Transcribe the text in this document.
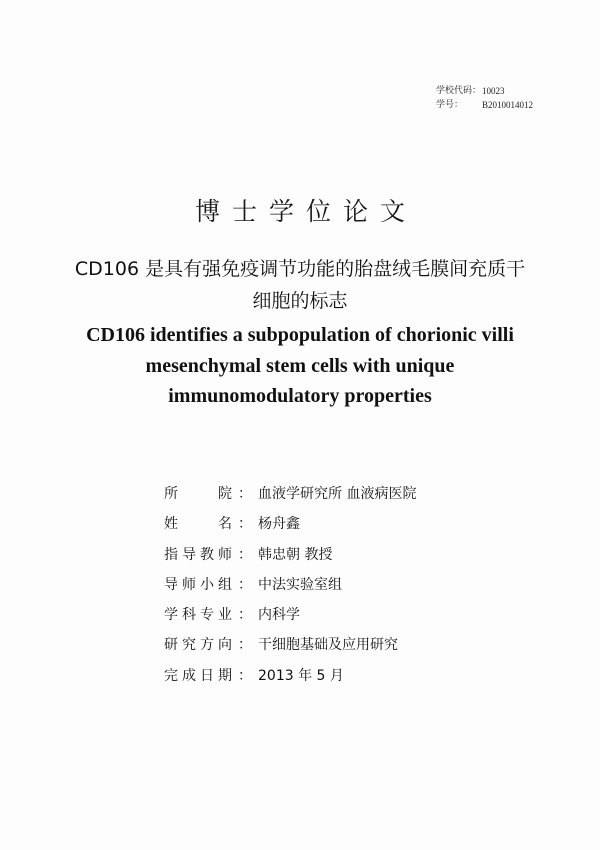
学校代码： 10023
学号：	B2010014012
博士学位论文
CD106 是具有强免疫调节功能的胎盘绒毛膜间充质干
细胞的标志
CD106 identifies a subpopulation of chorionic villi
mesenchymal stem cells with unique
immunomodulatory properties
所	院 ： 血液学研究所 血液病医院
姓	名 ： 杨舟鑫
指 导 教 师 ： 韩忠朝 教授
导 师 小 组 ： 中法实验室组
学 科 专 业 ： 内科学
研 究 方 向 ： 干细胞基础及应用研究
完 成 日 期 ： 2013 年 5 月
